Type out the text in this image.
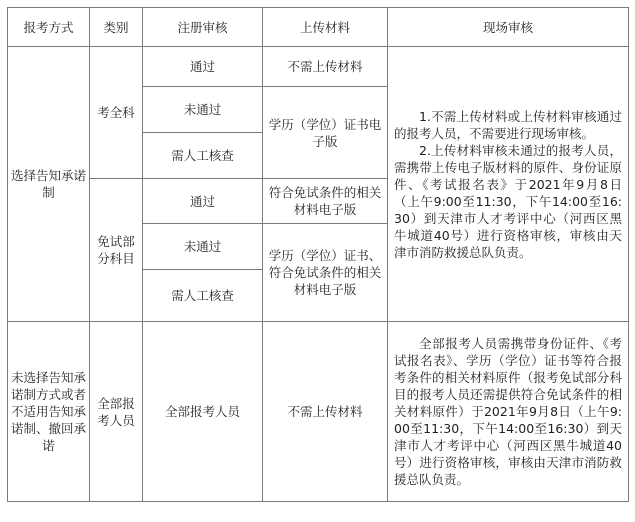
报考方式	类别	注册审核	上传材料	现场审核
选择告知承诺制	考全科	通过	不需上传材料	1.不需上传材料或上传材料审核通过的报考人员，不需要进行现场审核。
2.上传材料审核未通过的报考人员，需携带上传电子版材料的原件、身份证原件、《考试报名表》于2021年9月8日（上午9:00至11:30，下午14:00至16:30）到天津市人才考评中心（河西区黑牛城道40号）进行资格审核，审核由天津市消防救援总队负责。

		未通过	学历（学位）证书电子版	
		需人工核查		
	免试部分科目	通过	符合免试条件的相关材料电子版	
		未通过	学历（学位）证书、符合免试条件的相关材料电子版	
		需人工核查		
未选择告知承诺制方式或者不适用告知承诺制、撤回承诺	全部报考人员	全部报考人员	不需上传材料	全部报考人员需携带身份证件、《考试报名表》、学历（学位）证书等符合报考条件的相关材料原件（报考免试部分科目的报考人员还需提供符合免试条件的相关材料原件）于2021年9月8日（上午9:00至11:30，下午14:00至16:30）到天津市人才考评中心（河西区黑牛城道40号）进行资格审核，审核由天津市消防救援总队负责。
